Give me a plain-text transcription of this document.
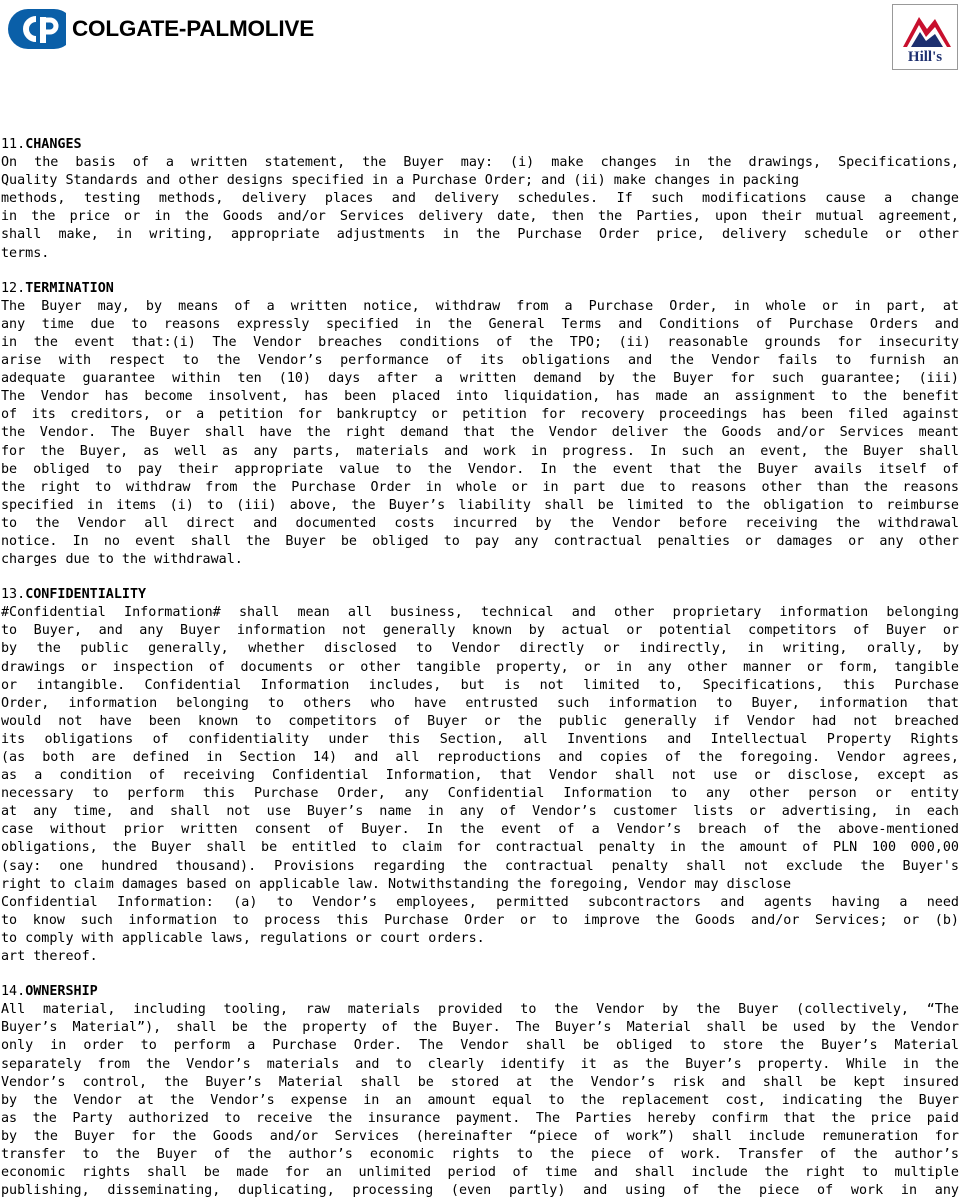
COLGATE-PALMOLIVE
Hill's
11.CHANGES
On the basis of a written statement, the Buyer may: (i) make changes in the drawings, Specifications,
Quality Standards and other designs specified in a Purchase Order; and (ii) make changes in packing
methods, testing methods, delivery places and delivery schedules. If such modifications cause a change
in the price or in the Goods and/or Services delivery date, then the Parties, upon their mutual agreement,
shall make, in writing, appropriate adjustments in the Purchase Order price, delivery schedule or other
terms.
12.TERMINATION
The Buyer may, by means of a written notice, withdraw from a Purchase Order, in whole or in part, at
any time due to reasons expressly specified in the General Terms and Conditions of Purchase Orders and
in the event that:(i) The Vendor breaches conditions of the TPO; (ii) reasonable grounds for insecurity
arise with respect to the Vendor’s performance of its obligations and the Vendor fails to furnish an
adequate guarantee within ten (10) days after a written demand by the Buyer for such guarantee; (iii)
The Vendor has become insolvent, has been placed into liquidation, has made an assignment to the benefit
of its creditors, or a petition for bankruptcy or petition for recovery proceedings has been filed against
the Vendor. The Buyer shall have the right demand that the Vendor deliver the Goods and/or Services meant
for the Buyer, as well as any parts, materials and work in progress. In such an event, the Buyer shall
be obliged to pay their appropriate value to the Vendor. In the event that the Buyer avails itself of
the right to withdraw from the Purchase Order in whole or in part due to reasons other than the reasons
specified in items (i) to (iii) above, the Buyer’s liability shall be limited to the obligation to reimburse
to the Vendor all direct and documented costs incurred by the Vendor before receiving the withdrawal
notice. In no event shall the Buyer be obliged to pay any contractual penalties or damages or any other
charges due to the withdrawal.
13.CONFIDENTIALITY
#Confidential Information# shall mean all business, technical and other proprietary information belonging
to Buyer, and any Buyer information not generally known by actual or potential competitors of Buyer or
by the public generally, whether disclosed to Vendor directly or indirectly, in writing, orally, by
drawings or inspection of documents or other tangible property, or in any other manner or form, tangible
or intangible. Confidential Information includes, but is not limited to, Specifications, this Purchase
Order, information belonging to others who have entrusted such information to Buyer, information that
would not have been known to competitors of Buyer or the public generally if Vendor had not breached
its obligations of confidentiality under this Section, all Inventions and Intellectual Property Rights
(as both are defined in Section 14) and all reproductions and copies of the foregoing. Vendor agrees,
as a condition of receiving Confidential Information, that Vendor shall not use or disclose, except as
necessary to perform this Purchase Order, any Confidential Information to any other person or entity
at any time, and shall not use Buyer’s name in any of Vendor’s customer lists or advertising, in each
case without prior written consent of Buyer. In the event of a Vendor’s breach of the above-mentioned
obligations, the Buyer shall be entitled to claim for contractual penalty in the amount of PLN 100 000,00
(say: one hundred thousand). Provisions regarding the contractual penalty shall not exclude the Buyer's
right to claim damages based on applicable law. Notwithstanding the foregoing, Vendor may disclose
Confidential Information: (a) to Vendor’s employees, permitted subcontractors and agents having a need
to know such information to process this Purchase Order or to improve the Goods and/or Services; or (b)
to comply with applicable laws, regulations or court orders.
art thereof.
14.OWNERSHIP
All material, including tooling, raw materials provided to the Vendor by the Buyer (collectively, “The
Buyer’s Material”), shall be the property of the Buyer. The Buyer’s Material shall be used by the Vendor
only in order to perform a Purchase Order. The Vendor shall be obliged to store the Buyer’s Material
separately from the Vendor’s materials and to clearly identify it as the Buyer’s property. While in the
Vendor’s control, the Buyer’s Material shall be stored at the Vendor’s risk and shall be kept insured
by the Vendor at the Vendor’s expense in an amount equal to the replacement cost, indicating the Buyer
as the Party authorized to receive the insurance payment. The Parties hereby confirm that the price paid
by the Buyer for the Goods and/or Services (hereinafter “piece of work”) shall include remuneration for
transfer to the Buyer of the author’s economic rights to the piece of work. Transfer of the author’s
economic rights shall be made for an unlimited period of time and shall include the right to multiple
publishing, disseminating, duplicating, processing (even partly) and using of the piece of work in any
